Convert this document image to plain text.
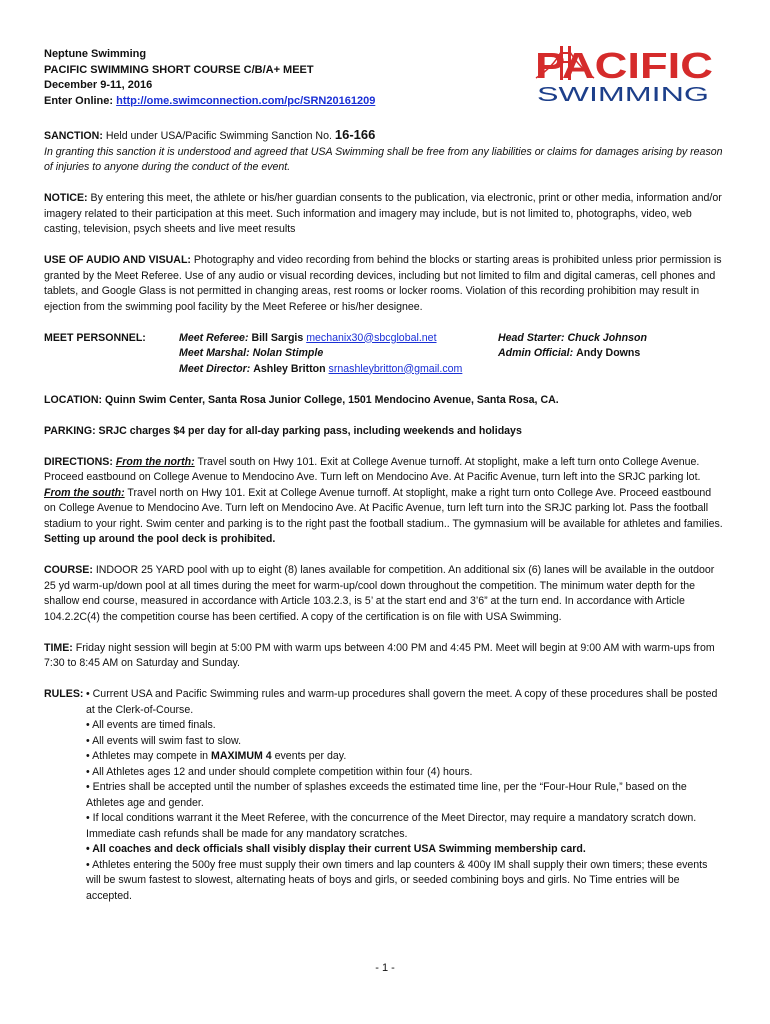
Neptune Swimming
PACIFIC SWIMMING SHORT COURSE C/B/A+ MEET
December 9-11, 2016
Enter Online: http://ome.swimconnection.com/pc/SRN20161209
PACIFIC
SWIMMING

SANCTION: Held under USA/Pacific Swimming Sanction No. 16-166
In granting this sanction it is understood and agreed that USA Swimming shall be free from any liabilities or claims for damages arising by reason of injuries to anyone during the conduct of the event.

NOTICE: By entering this meet, the athlete or his/her guardian consents to the publication, via electronic, print or other media, information and/or imagery related to their participation at this meet. Such information and imagery may include, but is not limited to, photographs, video, web casting, television, psych sheets and live meet results

USE OF AUDIO AND VISUAL: Photography and video recording from behind the blocks or starting areas is prohibited unless prior permission is granted by the Meet Referee. Use of any audio or visual recording devices, including but not limited to film and digital cameras, cell phones and tablets, and Google Glass is not permitted in changing areas, rest rooms or locker rooms. Violation of this recording prohibition may result in ejection from the swimming pool facility by the Meet Referee or his/her designee.

MEET PERSONNEL:	Meet Referee: Bill Sargis mechanix30@sbcglobal.net
Meet Marshal: Nolan Stimple
Meet Director: Ashley Britton srnashleybritton@gmail.com
Head Starter: Chuck Johnson
Admin Official: Andy Downs

LOCATION: Quinn Swim Center, Santa Rosa Junior College, 1501 Mendocino Avenue, Santa Rosa, CA.

PARKING: SRJC charges $4 per day for all-day parking pass, including weekends and holidays

DIRECTIONS: From the north: Travel south on Hwy 101. Exit at College Avenue turnoff. At stoplight, make a left turn onto College Avenue. Proceed eastbound on College Avenue to Mendocino Ave. Turn left on Mendocino Ave. At Pacific Avenue, turn left into the SRJC parking lot. From the south: Travel north on Hwy 101. Exit at College Avenue turnoff. At stoplight, make a right turn onto College Ave. Proceed eastbound on College Avenue to Mendocino Ave. Turn left on Mendocino Ave. At Pacific Avenue, turn left turn into the SRJC parking lot. Pass the football stadium to your right. Swim center and parking is to the right past the football stadium.. The gymnasium will be available for athletes and families. Setting up around the pool deck is prohibited.

COURSE: INDOOR 25 YARD pool with up to eight (8) lanes available for competition. An additional six (6) lanes will be available in the outdoor 25 yd warm-up/down pool at all times during the meet for warm-up/cool down throughout the competition. The minimum water depth for the shallow end course, measured in accordance with Article 103.2.3, is 5’ at the start end and 3’6” at the turn end. In accordance with Article 104.2.2C(4) the competition course has been certified. A copy of the certification is on file with USA Swimming.

TIME: Friday night session will begin at 5:00 PM with warm ups between 4:00 PM and 4:45 PM. Meet will begin at 9:00 AM with warm-ups from 7:30 to 8:45 AM on Saturday and Sunday.

RULES: • Current USA and Pacific Swimming rules and warm-up procedures shall govern the meet. A copy of these procedures shall be posted at the Clerk-of-Course.
• All events are timed finals.
• All events will swim fast to slow.
• Athletes may compete in MAXIMUM 4 events per day.
• All Athletes ages 12 and under should complete competition within four (4) hours.
• Entries shall be accepted until the number of splashes exceeds the estimated time line, per the “Four-Hour Rule,” based on the Athletes age and gender.
• If local conditions warrant it the Meet Referee, with the concurrence of the Meet Director, may require a mandatory scratch down. Immediate cash refunds shall be made for any mandatory scratches.
• All coaches and deck officials shall visibly display their current USA Swimming membership card.
• Athletes entering the 500y free must supply their own timers and lap counters & 400y IM shall supply their own timers; these events will be swum fastest to slowest, alternating heats of boys and girls, or seeded combining boys and girls. No Time entries will be accepted.
- 1 -
